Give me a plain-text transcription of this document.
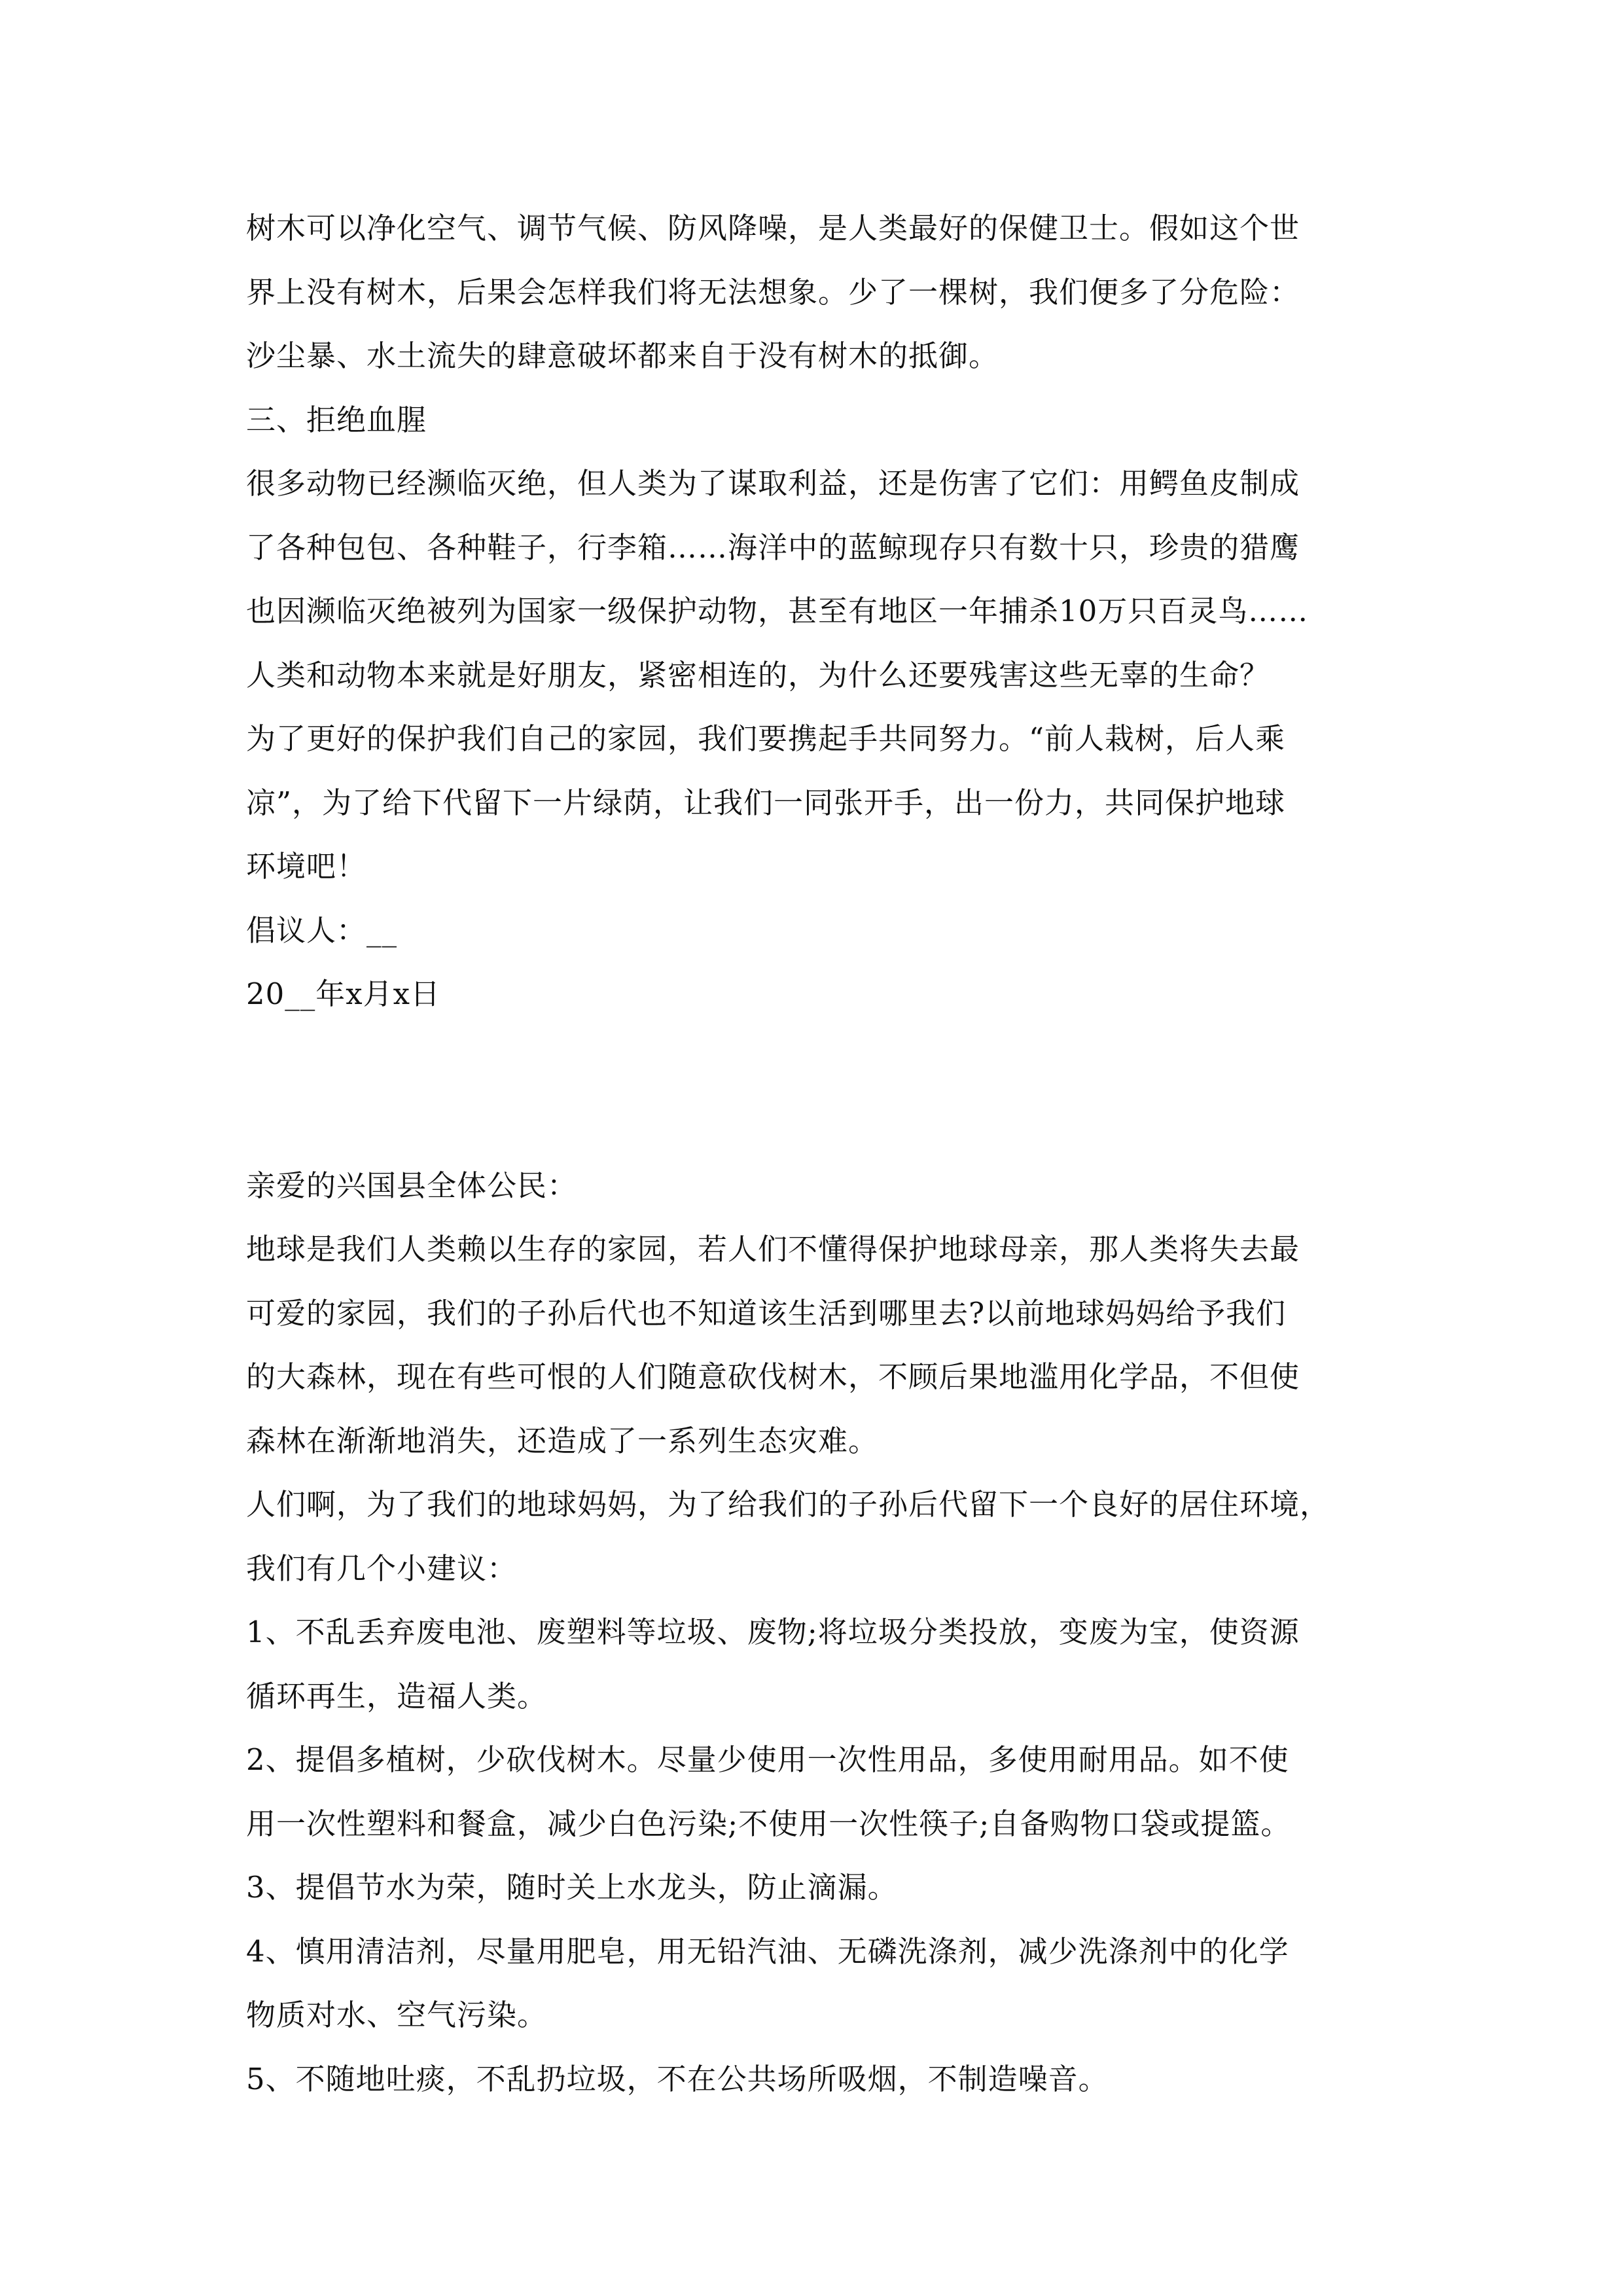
树木可以净化空气、调节气候、防风降噪，是人类最好的保健卫士。假如这个世
界上没有树木，后果会怎样我们将无法想象。少了一棵树，我们便多了分危险：
沙尘暴、水土流失的肆意破坏都来自于没有树木的抵御。
三、拒绝血腥
很多动物已经濒临灭绝，但人类为了谋取利益，还是伤害了它们：用鳄鱼皮制成
了各种包包、各种鞋子，行李箱……海洋中的蓝鲸现存只有数十只，珍贵的猎鹰
也因濒临灭绝被列为国家一级保护动物，甚至有地区一年捕杀10万只百灵鸟……
人类和动物本来就是好朋友，紧密相连的，为什么还要残害这些无辜的生命？
为了更好的保护我们自己的家园，我们要携起手共同努力。“前人栽树，后人乘
凉”，为了给下代留下一片绿荫，让我们一同张开手，出一份力，共同保护地球
环境吧！
倡议人：__
20__年x月x日
亲爱的兴国县全体公民：
地球是我们人类赖以生存的家园，若人们不懂得保护地球母亲，那人类将失去最
可爱的家园，我们的子孙后代也不知道该生活到哪里去?以前地球妈妈给予我们
的大森林，现在有些可恨的人们随意砍伐树木，不顾后果地滥用化学品，不但使
森林在渐渐地消失，还造成了一系列生态灾难。
人们啊，为了我们的地球妈妈，为了给我们的子孙后代留下一个良好的居住环境，
我们有几个小建议：
1、不乱丢弃废电池、废塑料等垃圾、废物;将垃圾分类投放，变废为宝，使资源
循环再生，造福人类。
2、提倡多植树，少砍伐树木。尽量少使用一次性用品，多使用耐用品。如不使
用一次性塑料和餐盒，减少白色污染;不使用一次性筷子;自备购物口袋或提篮。
3、提倡节水为荣，随时关上水龙头，防止滴漏。
4、慎用清洁剂，尽量用肥皂，用无铅汽油、无磷洗涤剂，减少洗涤剂中的化学
物质对水、空气污染。
5、不随地吐痰，不乱扔垃圾，不在公共场所吸烟，不制造噪音。
